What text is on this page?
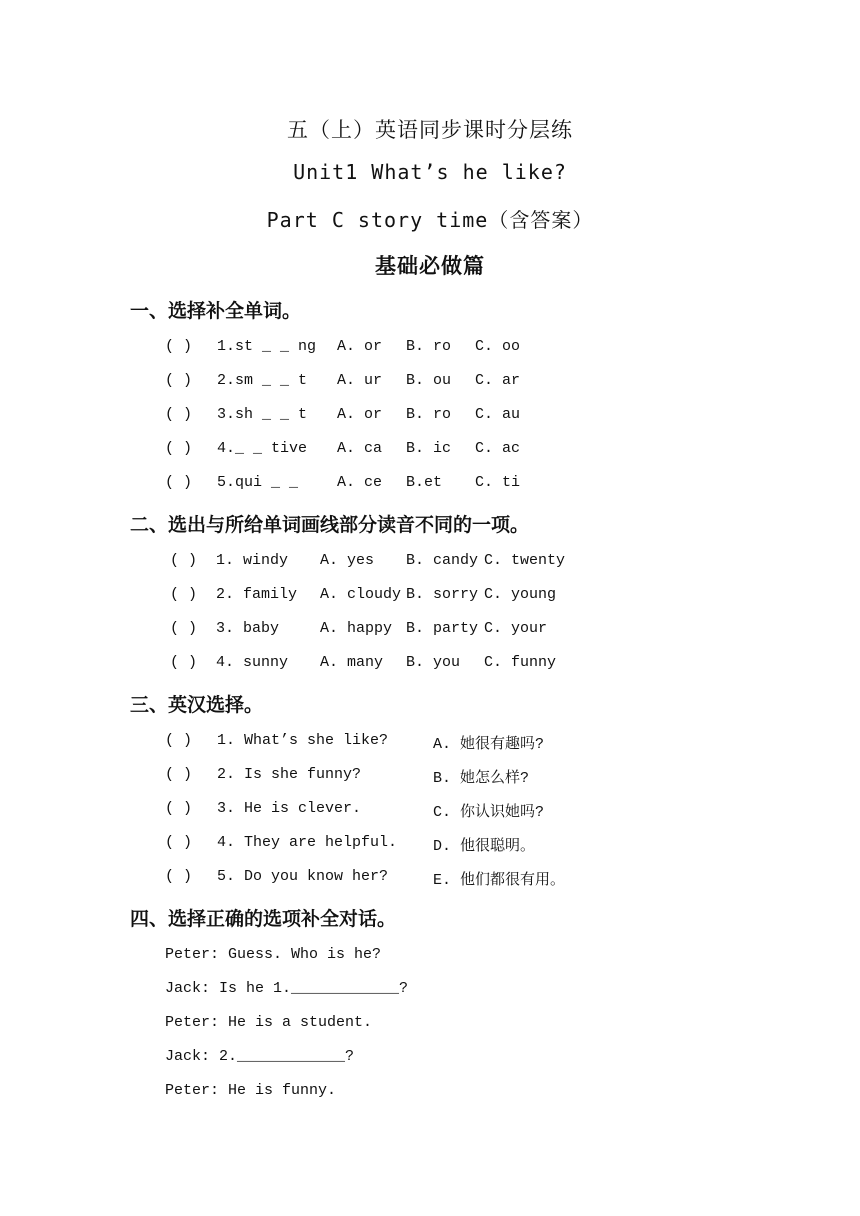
五（上）英语同步课时分层练
Unit1 What’s he like?
Part C story time（含答案）
基础必做篇
一、选择补全单词。
( ) 1.st _ _ ng A. or B. ro C. oo
( ) 2.sm _ _ t A. ur B. ou C. ar
( ) 3.sh _ _ t A. or B. ro C. au
( ) 4._ _ tive A. ca B. ic C. ac
( ) 5.qui _ _	A. ce B.et C. ti
二、选出与所给单词画线部分读音不同的一项。
( ) 1. windy A. yes B. candy C. twenty
( ) 2. family A. cloudy B. sorry C. young
( ) 3. baby	A. happy B. party C. your
( ) 4. sunny A. many B. you C. funny
三、英汉选择。
( ) 1. What’s she like?	A. 她很有趣吗?
( ) 2. Is she funny?	B. 她怎么样?
( ) 3. He is clever.	C. 你认识她吗?
( ) 4. They are helpful. D. 他很聪明。
( ) 5. Do you know her?	E. 他们都很有用。
四、选择正确的选项补全对话。
Peter: Guess. Who is he?
Jack: Is he 1.____________?
Peter: He is a student.
Jack: 2.____________?
Peter: He is funny.
